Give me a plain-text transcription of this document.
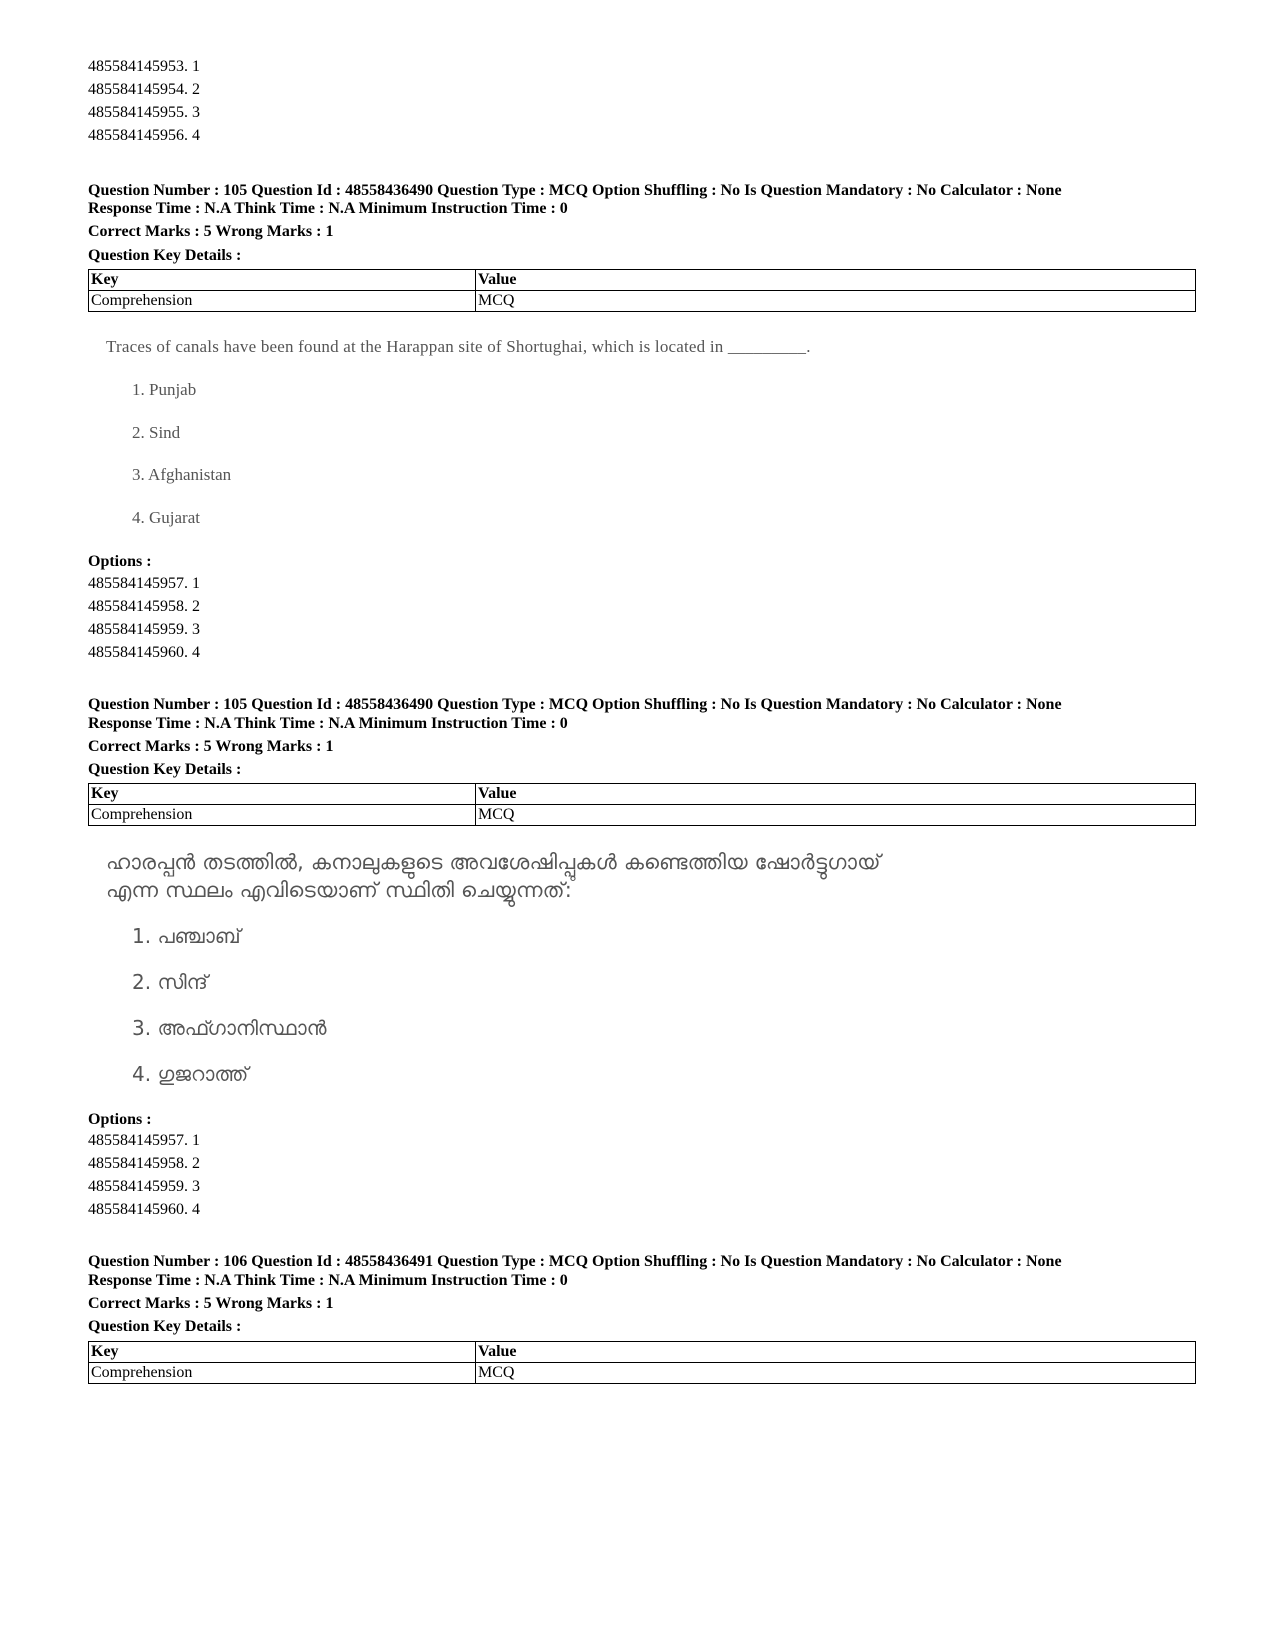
485584145953. 1
485584145954. 2
485584145955. 3
485584145956. 4
Question Number : 105 Question Id : 48558436490 Question Type : MCQ Option Shuffling : No Is Question Mandatory : No Calculator : None
Response Time : N.A Think Time : N.A Minimum Instruction Time : 0
Correct Marks : 5 Wrong Marks : 1
Question Key Details :
Key	Value
Comprehension	MCQ
Traces of canals have been found at the Harappan site of Shortughai, which is located in _________.
1. Punjab
2. Sind
3. Afghanistan
4. Gujarat
Options :
485584145957. 1
485584145958. 2
485584145959. 3
485584145960. 4
Question Number : 105 Question Id : 48558436490 Question Type : MCQ Option Shuffling : No Is Question Mandatory : No Calculator : None
Response Time : N.A Think Time : N.A Minimum Instruction Time : 0
Correct Marks : 5 Wrong Marks : 1
Question Key Details :
Key	Value
Comprehension	MCQ
ഹാരപ്പൻ തടത്തിൽ, കനാലുകളുടെ അവശേഷിപ്പുകൾ കണ്ടെത്തിയ ഷോർട്ടുഗായ്
എന്ന സ്ഥലം എവിടെയാണ് സ്ഥിതി ചെയ്യുന്നത്:
1. പഞ്ചാബ്
2. സിന്ദ്
3. അഫ്ഗാനിസ്ഥാൻ
4. ഗുജറാത്ത്
Options :
485584145957. 1
485584145958. 2
485584145959. 3
485584145960. 4
Question Number : 106 Question Id : 48558436491 Question Type : MCQ Option Shuffling : No Is Question Mandatory : No Calculator : None
Response Time : N.A Think Time : N.A Minimum Instruction Time : 0
Correct Marks : 5 Wrong Marks : 1
Question Key Details :
Key	Value
Comprehension	MCQ
